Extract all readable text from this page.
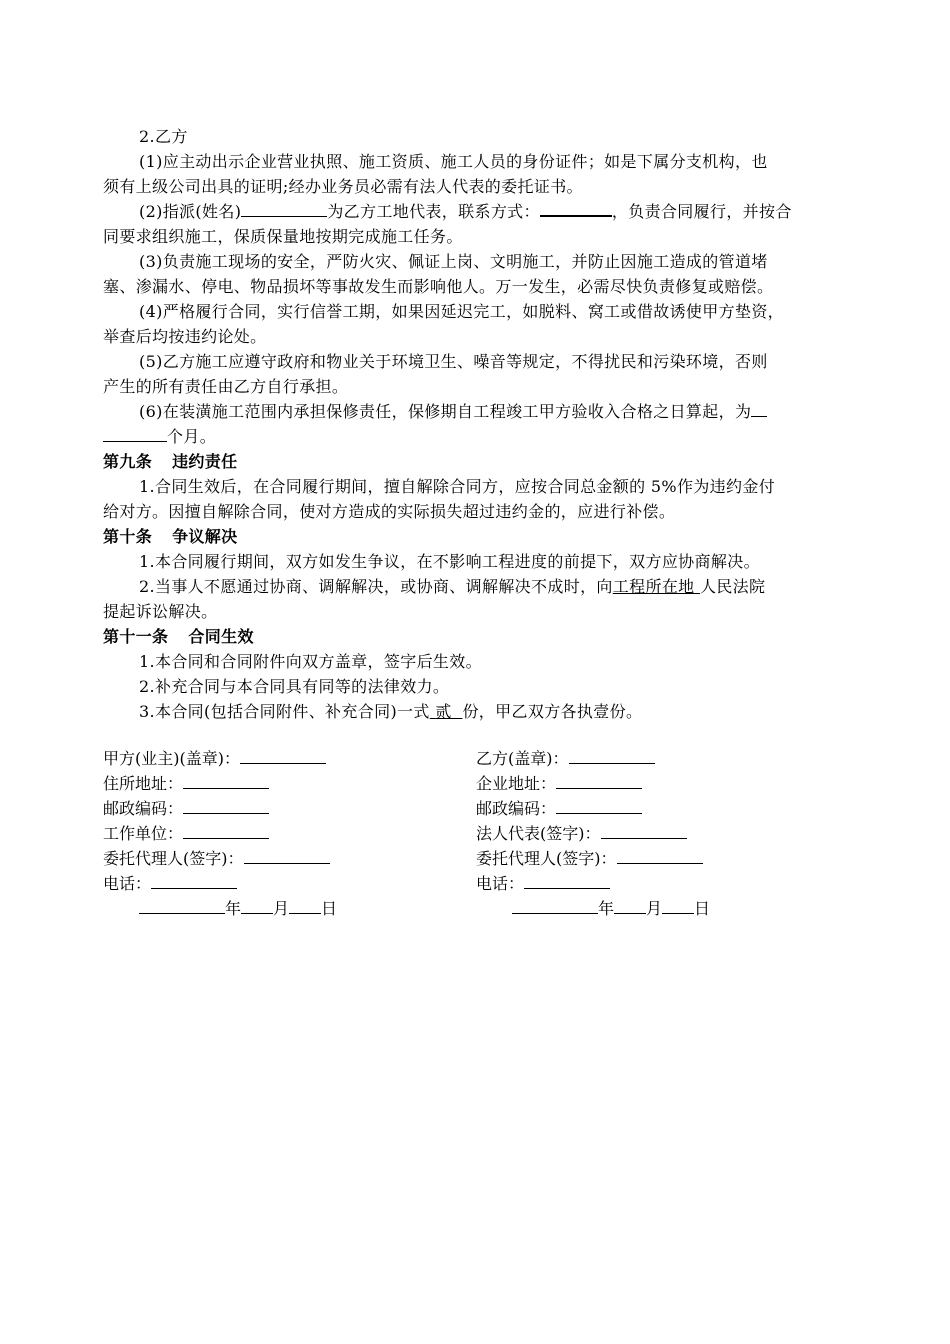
2.乙方
(1)应主动出示企业营业执照、施工资质、施工人员的身份证件；如是下属分支机构，也
须有上级公司出具的证明;经办业务员必需有法人代表的委托证书。
(2)指派(姓名)	为乙方工地代表，联系方式：	，负责合同履行，并按合
同要求组织施工，保质保量地按期完成施工任务。
(3)负责施工现场的安全，严防火灾、佩证上岗、文明施工，并防止因施工造成的管道堵
塞、渗漏水、停电、物品损坏等事故发生而影响他人。万一发生，必需尽快负责修复或赔偿。
(4)严格履行合同，实行信誉工期，如果因延迟完工，如脱料、窝工或借故诱使甲方垫资，
举查后均按违约论处。
(5)乙方施工应遵守政府和物业关于环境卫生、噪音等规定，不得扰民和污染环境，否则
产生的所有责任由乙方自行承担。
(6)在装潢施工范围内承担保修责任，保修期自工程竣工甲方验收入合格之日算起，为
个月。
第九条 违约责任
1.合同生效后，在合同履行期间，擅自解除合同方，应按合同总金额的 5%作为违约金付
给对方。因擅自解除合同，使对方造成的实际损失超过违约金的，应进行补偿。
第十条 争议解决
1.本合同履行期间，双方如发生争议，在不影响工程进度的前提下，双方应协商解决。
2.当事人不愿通过协商、调解解决，或协商、调解解决不成时，向工程所在地 人民法院
提起诉讼解决。
第十一条 合同生效
1.本合同和合同附件向双方盖章，签字后生效。
2.补充合同与本合同具有同等的法律效力。
3.本合同(包括合同附件、补充合同)一式 贰 份，甲乙双方各执壹份。
甲方(业主)(盖章)：	乙方(盖章)：
住所地址：	企业地址：
邮政编码：	邮政编码：
工作单位：	法人代表(签字)：
委托代理人(签字)：	委托代理人(签字)：
电话：	电话：
年 月 日	年 月 日
